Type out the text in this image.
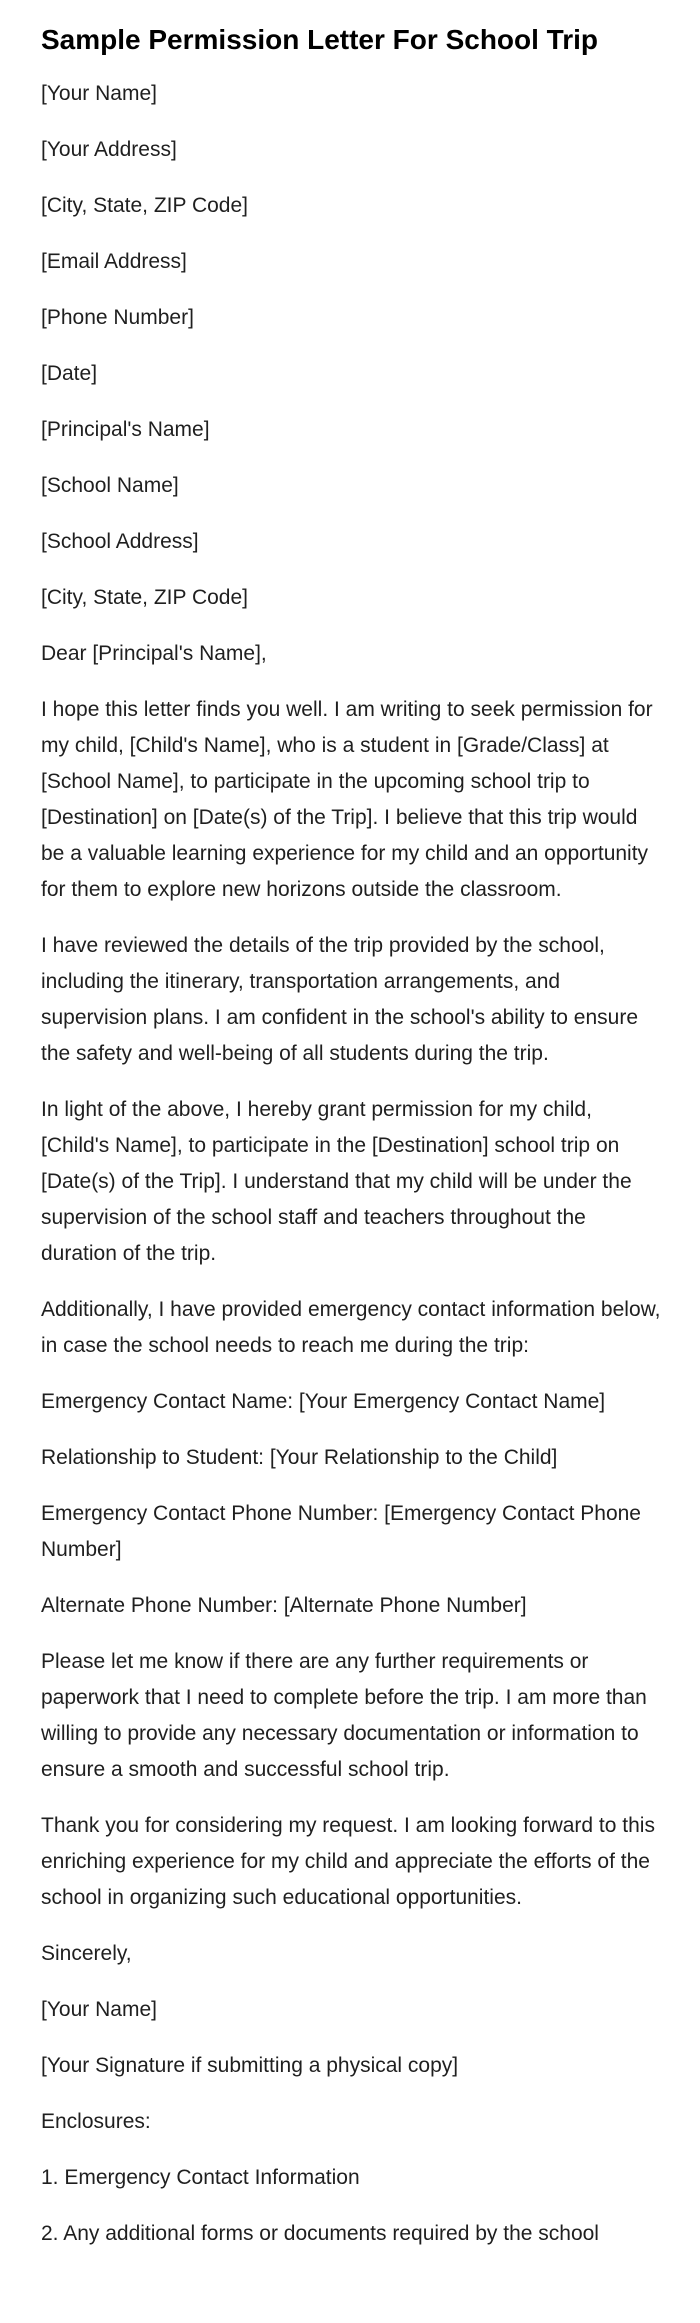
Sample Permission Letter For School Trip

[Your Name]

[Your Address]

[City, State, ZIP Code]

[Email Address]

[Phone Number]

[Date]

[Principal's Name]

[School Name]

[School Address]

[City, State, ZIP Code]

Dear [Principal's Name],

I hope this letter finds you well. I am writing to seek permission for my child, [Child's Name], who is a student in [Grade/Class] at [School Name], to participate in the upcoming school trip to [Destination] on [Date(s) of the Trip]. I believe that this trip would be a valuable learning experience for my child and an opportunity for them to explore new horizons outside the classroom.

I have reviewed the details of the trip provided by the school, including the itinerary, transportation arrangements, and supervision plans. I am confident in the school's ability to ensure the safety and well-being of all students during the trip.

In light of the above, I hereby grant permission for my child, [Child's Name], to participate in the [Destination] school trip on [Date(s) of the Trip]. I understand that my child will be under the supervision of the school staff and teachers throughout the duration of the trip.

Additionally, I have provided emergency contact information below, in case the school needs to reach me during the trip:

Emergency Contact Name: [Your Emergency Contact Name]

Relationship to Student: [Your Relationship to the Child]

Emergency Contact Phone Number: [Emergency Contact Phone Number]

Alternate Phone Number: [Alternate Phone Number]

Please let me know if there are any further requirements or paperwork that I need to complete before the trip. I am more than willing to provide any necessary documentation or information to ensure a smooth and successful school trip.

Thank you for considering my request. I am looking forward to this enriching experience for my child and appreciate the efforts of the school in organizing such educational opportunities.

Sincerely,

[Your Name]

[Your Signature if submitting a physical copy]

Enclosures:

1. Emergency Contact Information

2. Any additional forms or documents required by the school
